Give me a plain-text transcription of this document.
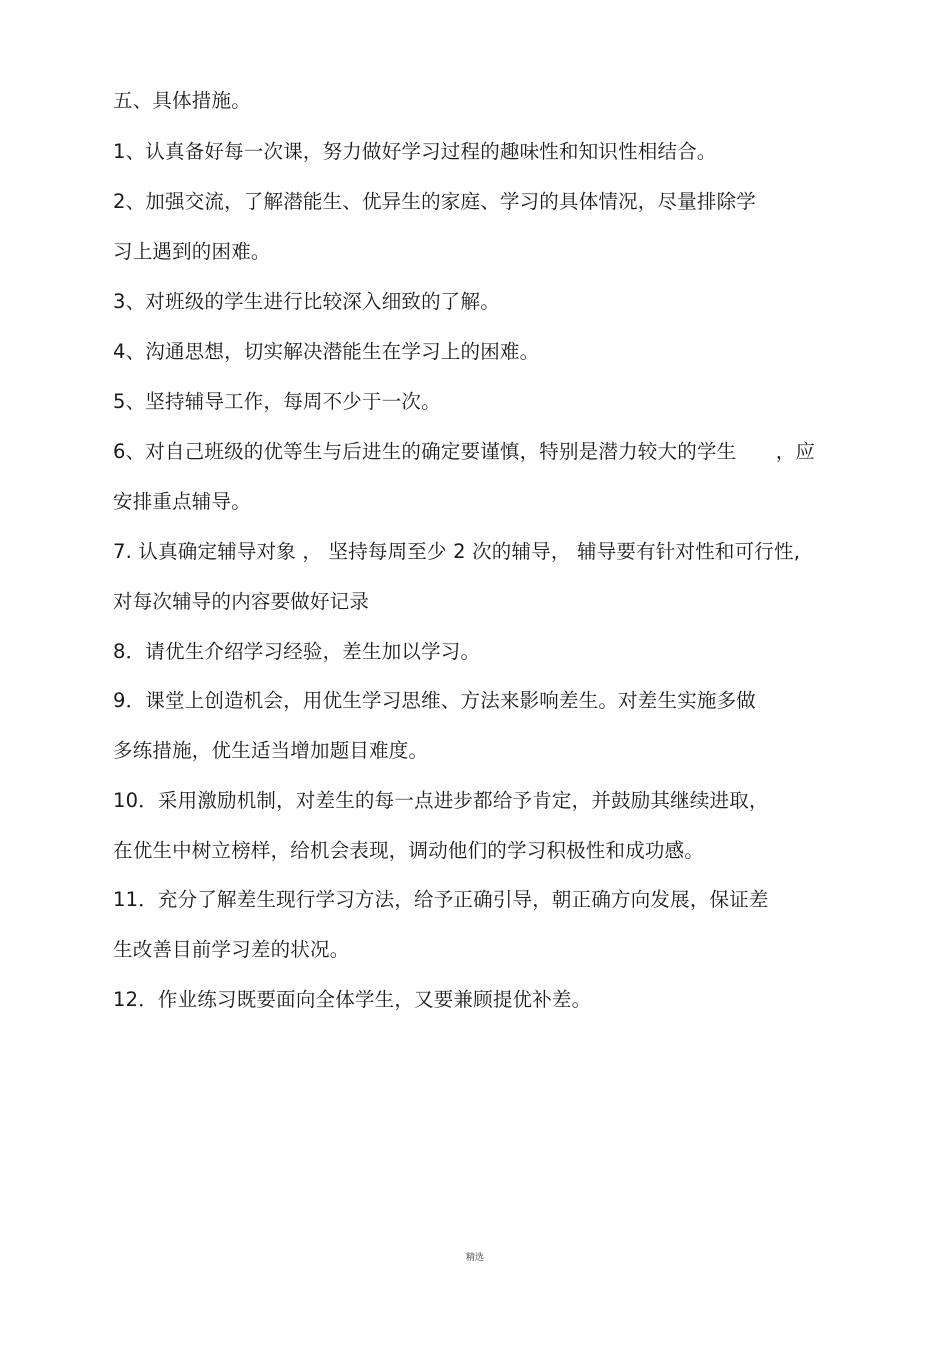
五、具体措施。
1、认真备好每一次课，努力做好学习过程的趣味性和知识性相结合。
2、加强交流，了解潜能生、优异生的家庭、学习的具体情况，尽量排除学
习上遇到的困难。
3、对班级的学生进行比较深入细致的了解。
4、沟通思想，切实解决潜能生在学习上的困难。
5、坚持辅导工作，每周不少于一次。
6、对自己班级的优等生与后进生的确定要谨慎，特别是潜力较大的学生　　，应
安排重点辅导。
7. 认真确定辅导对象 ， 坚持每周至少 2 次的辅导， 辅导要有针对性和可行性,
对每次辅导的内容要做好记录
8．请优生介绍学习经验，差生加以学习。
9．课堂上创造机会，用优生学习思维、方法来影响差生。对差生实施多做
多练措施，优生适当增加题目难度。
10．采用激励机制，对差生的每一点进步都给予肯定，并鼓励其继续进取，
在优生中树立榜样，给机会表现，调动他们的学习积极性和成功感。
11．充分了解差生现行学习方法，给予正确引导，朝正确方向发展，保证差
生改善目前学习差的状况。
12．作业练习既要面向全体学生，又要兼顾提优补差。
精选
